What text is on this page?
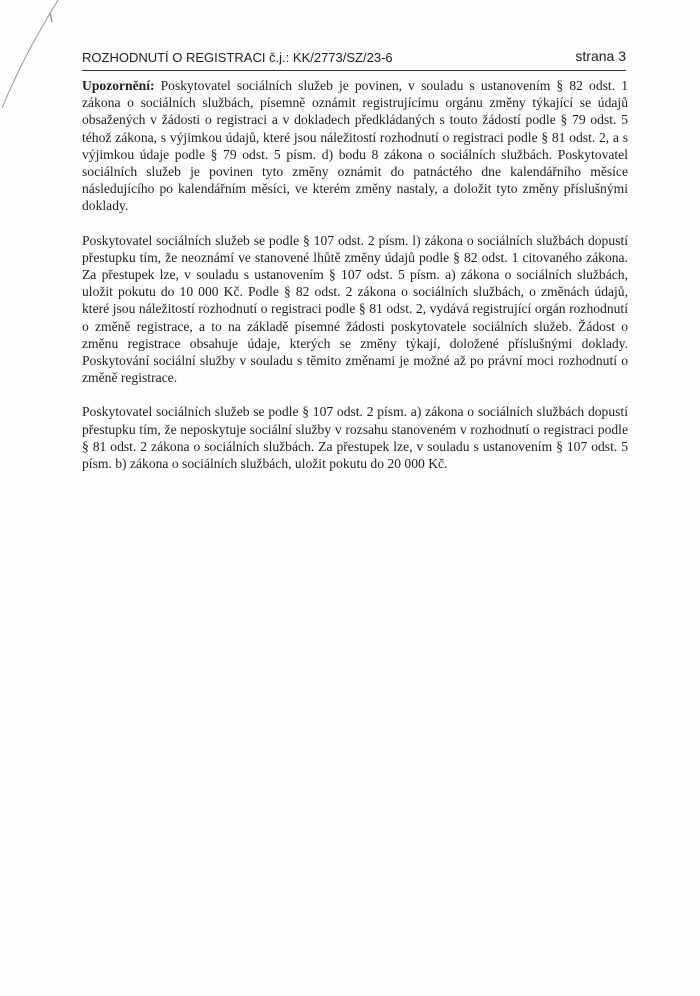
ROZHODNUTÍ O REGISTRACI č.j.: KK/2773/SZ/23-6	strana 3

Upozornění: Poskytovatel sociálních služeb je povinen, v souladu s ustanovením § 82 odst. 1 zákona o sociálních službách, písemně oznámit registrujícímu orgánu změny týkající se údajů obsažených v žádosti o registraci a v dokladech předkládaných s touto žádostí podle § 79 odst. 5 téhož zákona, s výjimkou údajů, které jsou náležitostí rozhodnutí o registraci podle § 81 odst. 2, a s výjimkou údaje podle § 79 odst. 5 písm. d) bodu 8 zákona o sociálních službách. Poskytovatel sociálních služeb je povinen tyto změny oznámit do patnáctého dne kalendářního měsíce následujícího po kalendářním měsíci, ve kterém změny nastaly, a doložit tyto změny příslušnými doklady.

Poskytovatel sociálních služeb se podle § 107 odst. 2 písm. l) zákona o sociálních službách dopustí přestupku tím, že neoznámí ve stanovené lhůtě změny údajů podle § 82 odst. 1 citovaného zákona. Za přestupek lze, v souladu s ustanovením § 107 odst. 5 písm. a) zákona o sociálních službách, uložit pokutu do 10 000 Kč. Podle § 82 odst. 2 zákona o sociálních službách, o změnách údajů, které jsou náležitostí rozhodnutí o registraci podle § 81 odst. 2, vydává registrující orgán rozhodnutí o změně registrace, a to na základě písemné žádosti poskytovatele sociálních služeb. Žádost o změnu registrace obsahuje údaje, kterých se změny týkají, doložené příslušnými doklady. Poskytování sociální služby v souladu s těmito změnami je možné až po právní moci rozhodnutí o změně registrace.

Poskytovatel sociálních služeb se podle § 107 odst. 2 písm. a) zákona o sociálních službách dopustí přestupku tím, že neposkytuje sociální služby v rozsahu stanoveném v rozhodnutí o registraci podle § 81 odst. 2 zákona o sociálních službách. Za přestupek lze, v souladu s ustanovením § 107 odst. 5 písm. b) zákona o sociálních službách, uložit pokutu do 20 000 Kč.
